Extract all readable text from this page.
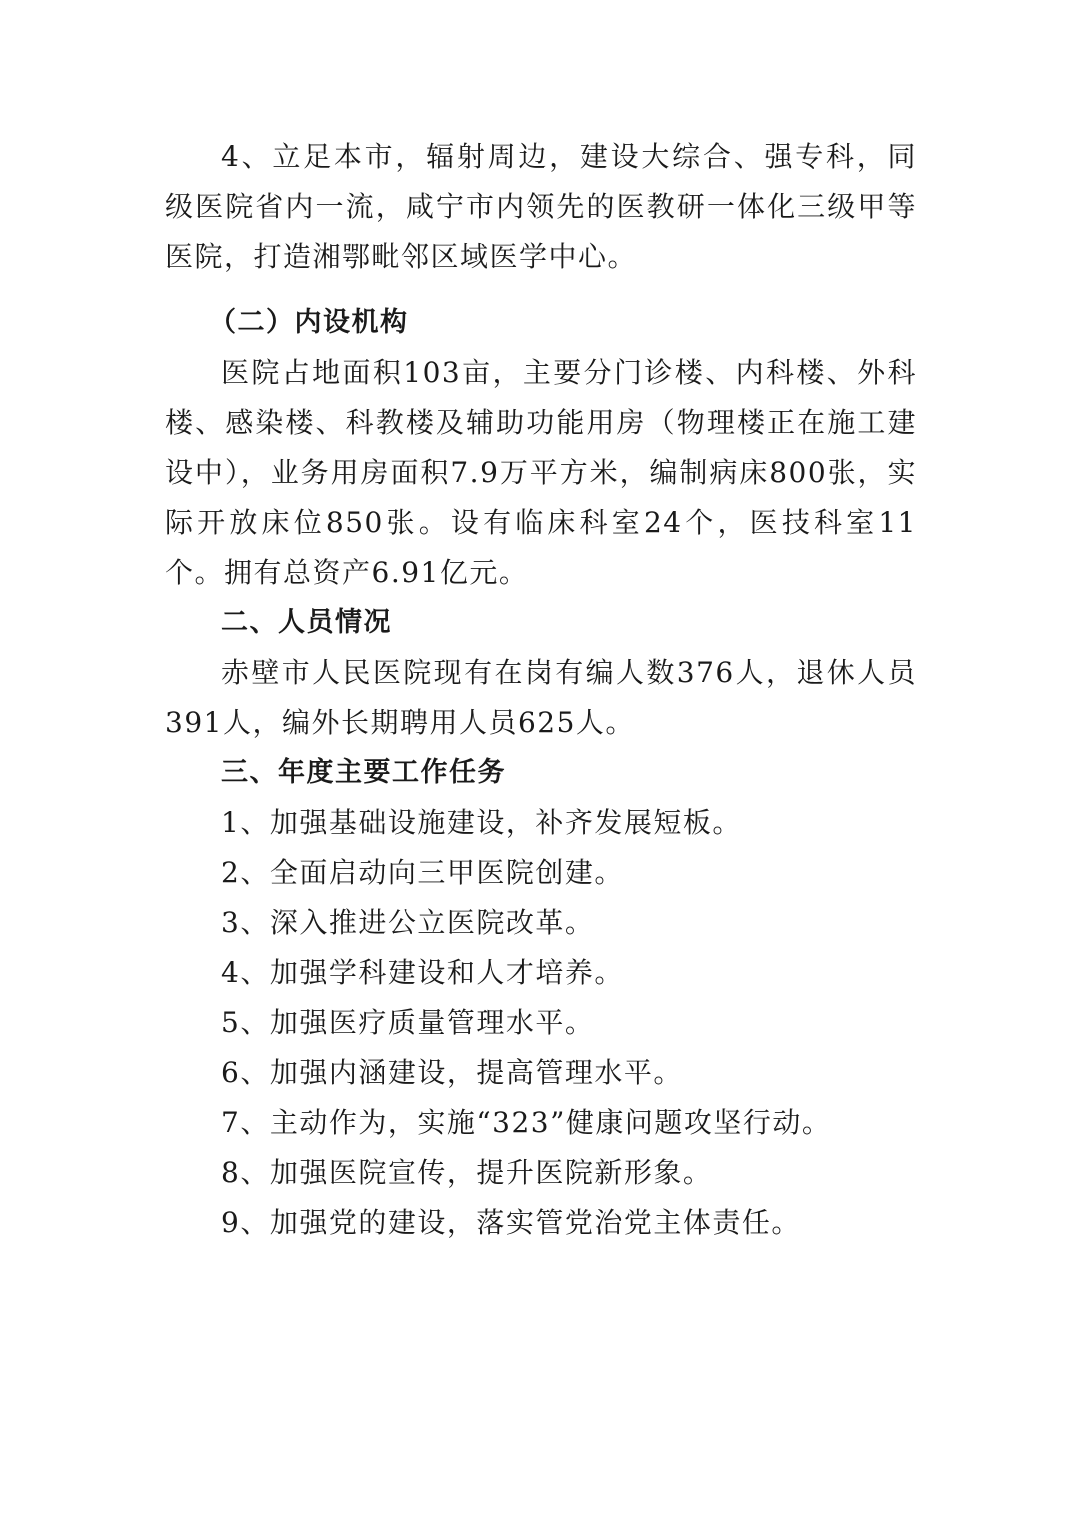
4、立足本市，辐射周边，建设大综合、强专科，同级医院省内一流，咸宁市内领先的医教研一体化三级甲等医院，打造湘鄂毗邻区域医学中心。

（二）内设机构

医院占地面积103亩，主要分门诊楼、内科楼、外科楼、感染楼、科教楼及辅助功能用房（物理楼正在施工建设中），业务用房面积7.9万平方米，编制病床800张，实际开放床位850张。设有临床科室24个，医技科室11个。拥有总资产6.91亿元。

二、人员情况

赤壁市人民医院现有在岗有编人数376人，退休人员391人，编外长期聘用人员625人。

三、年度主要工作任务

1、加强基础设施建设，补齐发展短板。

2、全面启动向三甲医院创建。

3、深入推进公立医院改革。

4、加强学科建设和人才培养。

5、加强医疗质量管理水平。

6、加强内涵建设，提高管理水平。

7、主动作为，实施“323”健康问题攻坚行动。

8、加强医院宣传，提升医院新形象。

9、加强党的建设，落实管党治党主体责任。
